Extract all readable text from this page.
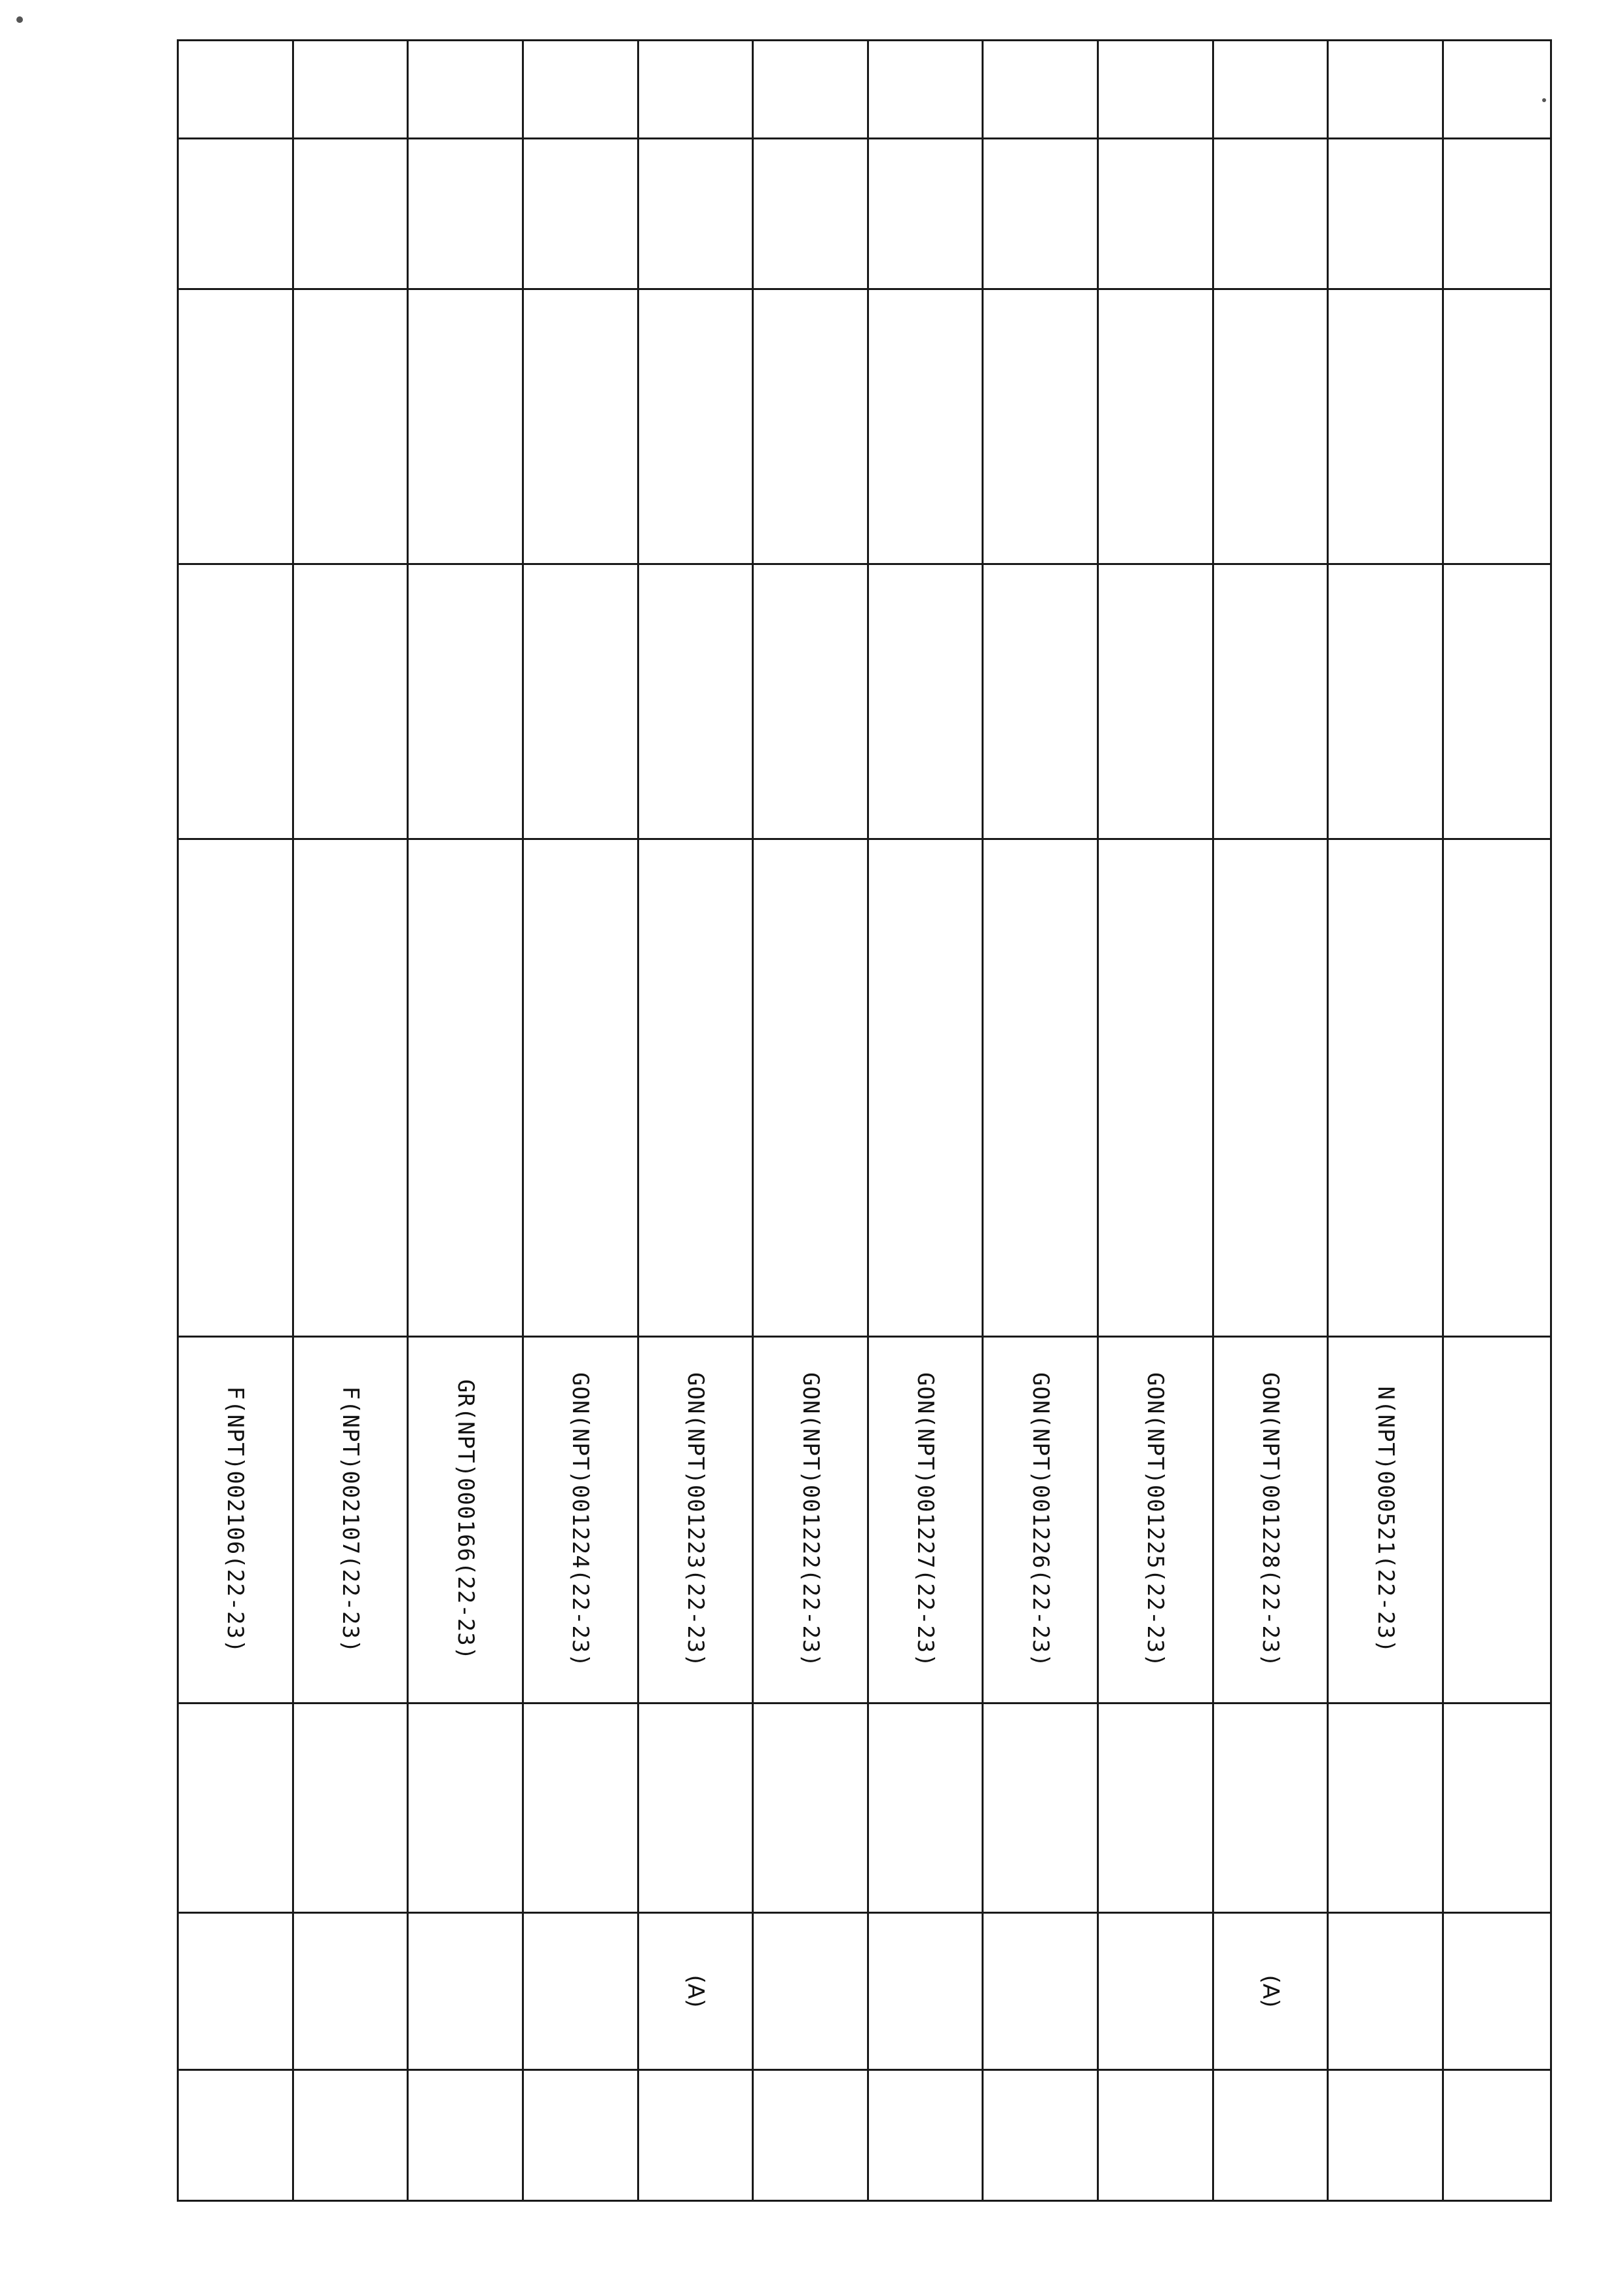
					N(NPT)000521(22-23)			
					GON(NPT)001228(22-23)		(A)	
					GON(NPT)001225(22-23)			
					GON(NPT)001226(22-23)			
					GON(NPT)001227(22-23)			
					GON(NPT)001222(22-23)			
					GON(NPT)001223(22-23)		(A)	
					GON(NPT)001224(22-23)			
					GR(NPT)000166(22-23)			
					F(NPT)002107(22-23)			
					F(NPT)002106(22-23)			
